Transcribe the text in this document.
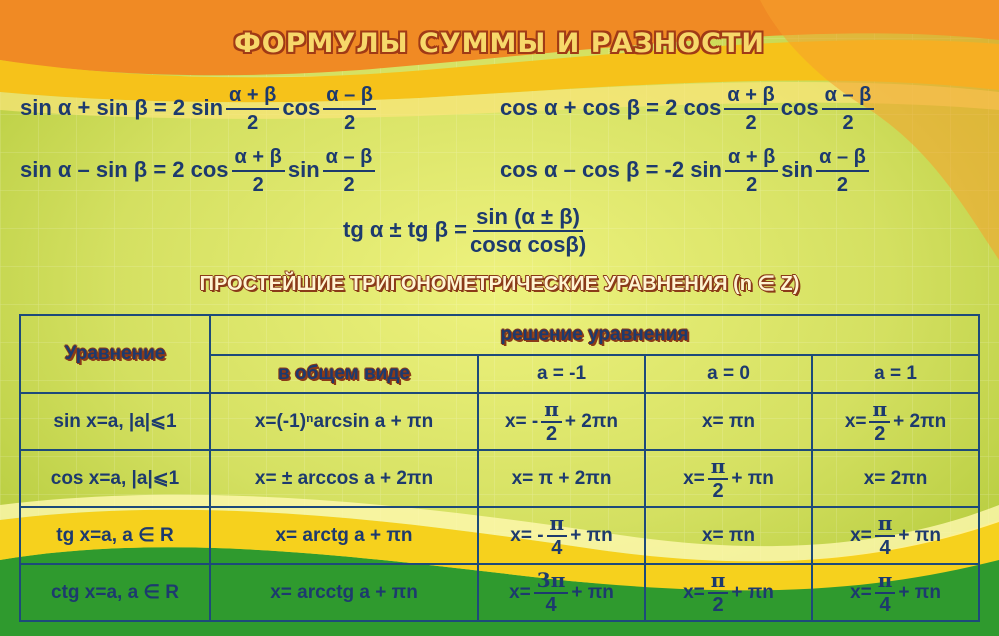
ФОРМУЛЫ СУММЫ И РАЗНОСТИ
sin α + sin β = 2 $\sin \frac{\alpha + \beta}{2}$ $\cos \frac{\alpha - \beta}{2}$	cos α + cos β = 2 $\cos \frac{\alpha + \beta}{2}$ $\cos \frac{\alpha - \beta}{2}$
sin α – sin β = 2 $\cos \frac{\alpha + \beta}{2}$ $\sin \frac{\alpha - \beta}{2}$	cos α – cos β = -2 $\sin \frac{\alpha + \beta}{2}$ $\sin \frac{\alpha - \beta}{2}$
tg α ± tg $\beta = \frac{\sin (\alpha \pm \beta)}{\text{cosα cosβ)}}$
ПРОСТЕЙШИЕ ТРИГОНОМЕТРИЧЕСКИЕ УРАВНЕНИЯ (n ∈ Z)
Уравнение	решение уравнения			
	в общем виде	a = -1	a = 0	a = 1
sin x=a, |a|⩽1	x=(-1)ⁿarcsin a + πn	$x= - \frac{\pi}{2} + 2\pi n$	x= πn	$x= \frac{\pi}{2} + 2\pi n$
cos x=a, |a|⩽1	x= ± arccos a + 2πn	x= π + 2πn	$x= \frac{\pi}{2} + \pi n$	x= 2πn
tg x=a, a ∈ R	x= arctg a + πn	$x= - \frac{\pi}{4} + \pi n$	x= πn	$x= \frac{\pi}{4} + \pi n$
ctg x=a, a ∈ R	x= arcctg a + πn	$x= \frac{3\pi}{4} + \pi n$	$x= \frac{\pi}{2} + \pi n$	$x= \frac{\pi}{4} + \pi n$
